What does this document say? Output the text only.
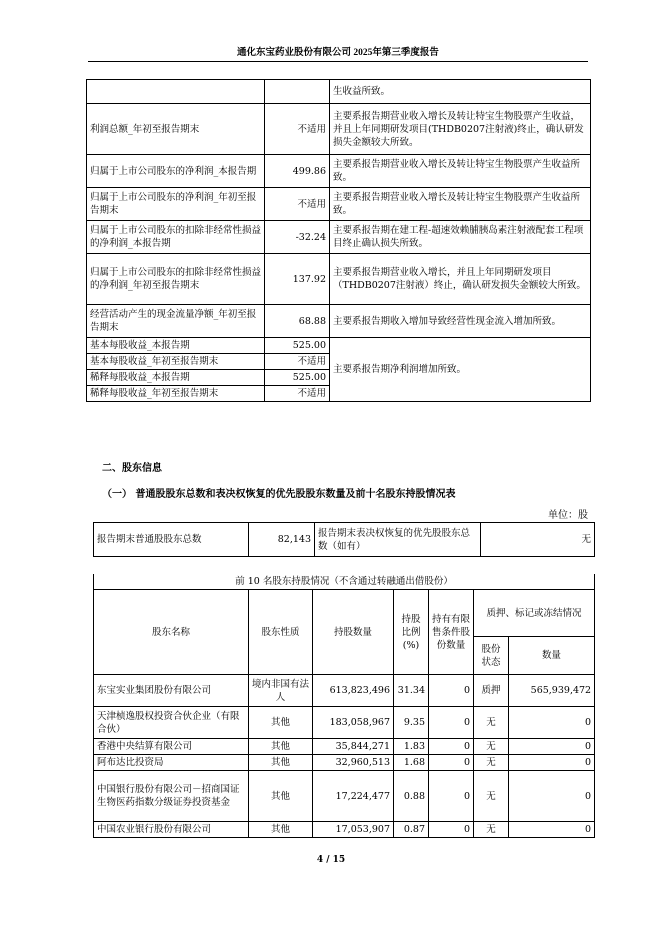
通化东宝药业股份有限公司 2025年第三季度报告
		生收益所致。
利润总额_年初至报告期末	不适用	主要系报告期营业收入增长及转让特宝生物股票产生收益，并且上年同期研发项目(THDB0207注射液)终止，确认研发损失金额较大所致。
归属于上市公司股东的净利润_本报告期	499.86	主要系报告期营业收入增长及转让特宝生物股票产生收益所致。
归属于上市公司股东的净利润_年初至报告期末	不适用	主要系报告期营业收入增长及转让特宝生物股票产生收益所致。
归属于上市公司股东的扣除非经常性损益的净利润_本报告期	-32.24	主要系报告期在建工程-超速效赖脯胰岛素注射液配套工程项目终止确认损失所致。
归属于上市公司股东的扣除非经常性损益的净利润_年初至报告期末	137.92	主要系报告期营业收入增长，并且上年同期研发项目（THDB0207注射液）终止，确认研发损失金额较大所致。
经营活动产生的现金流量净额_年初至报告期末	68.88	主要系报告期收入增加导致经营性现金流入增加所致。
基本每股收益_本报告期	525.00	主要系报告期净利润增加所致。
基本每股收益_年初至报告期末	不适用	
稀释每股收益_本报告期	525.00	
稀释每股收益_年初至报告期末	不适用	
二、股东信息
（一） 普通股股东总数和表决权恢复的优先股股东数量及前十名股东持股情况表
单位：股
报告期末普通股股东总数	82,143	报告期末表决权恢复的优先股股东总数（如有）	无
前 10 名股东持股情况（不含通过转融通出借股份）						
股东名称	股东性质	持股数量	持股比例(%)	持有有限售条件股份数量	质押、标记或冻结情况	
					股份状态	数量
东宝实业集团股份有限公司	境内非国有法人	613,823,496	31.34	0	质押	565,939,472
天津桢逸股权投资合伙企业（有限合伙）	其他	183,058,967	9.35	0	无	0
香港中央结算有限公司	其他	35,844,271	1.83	0	无	0
阿布达比投资局	其他	32,960,513	1.68	0	无	0
中国银行股份有限公司－招商国证生物医药指数分级证券投资基金	其他	17,224,477	0.88	0	无	0
中国农业银行股份有限公司	其他	17,053,907	0.87	0	无	0
4 / 15
